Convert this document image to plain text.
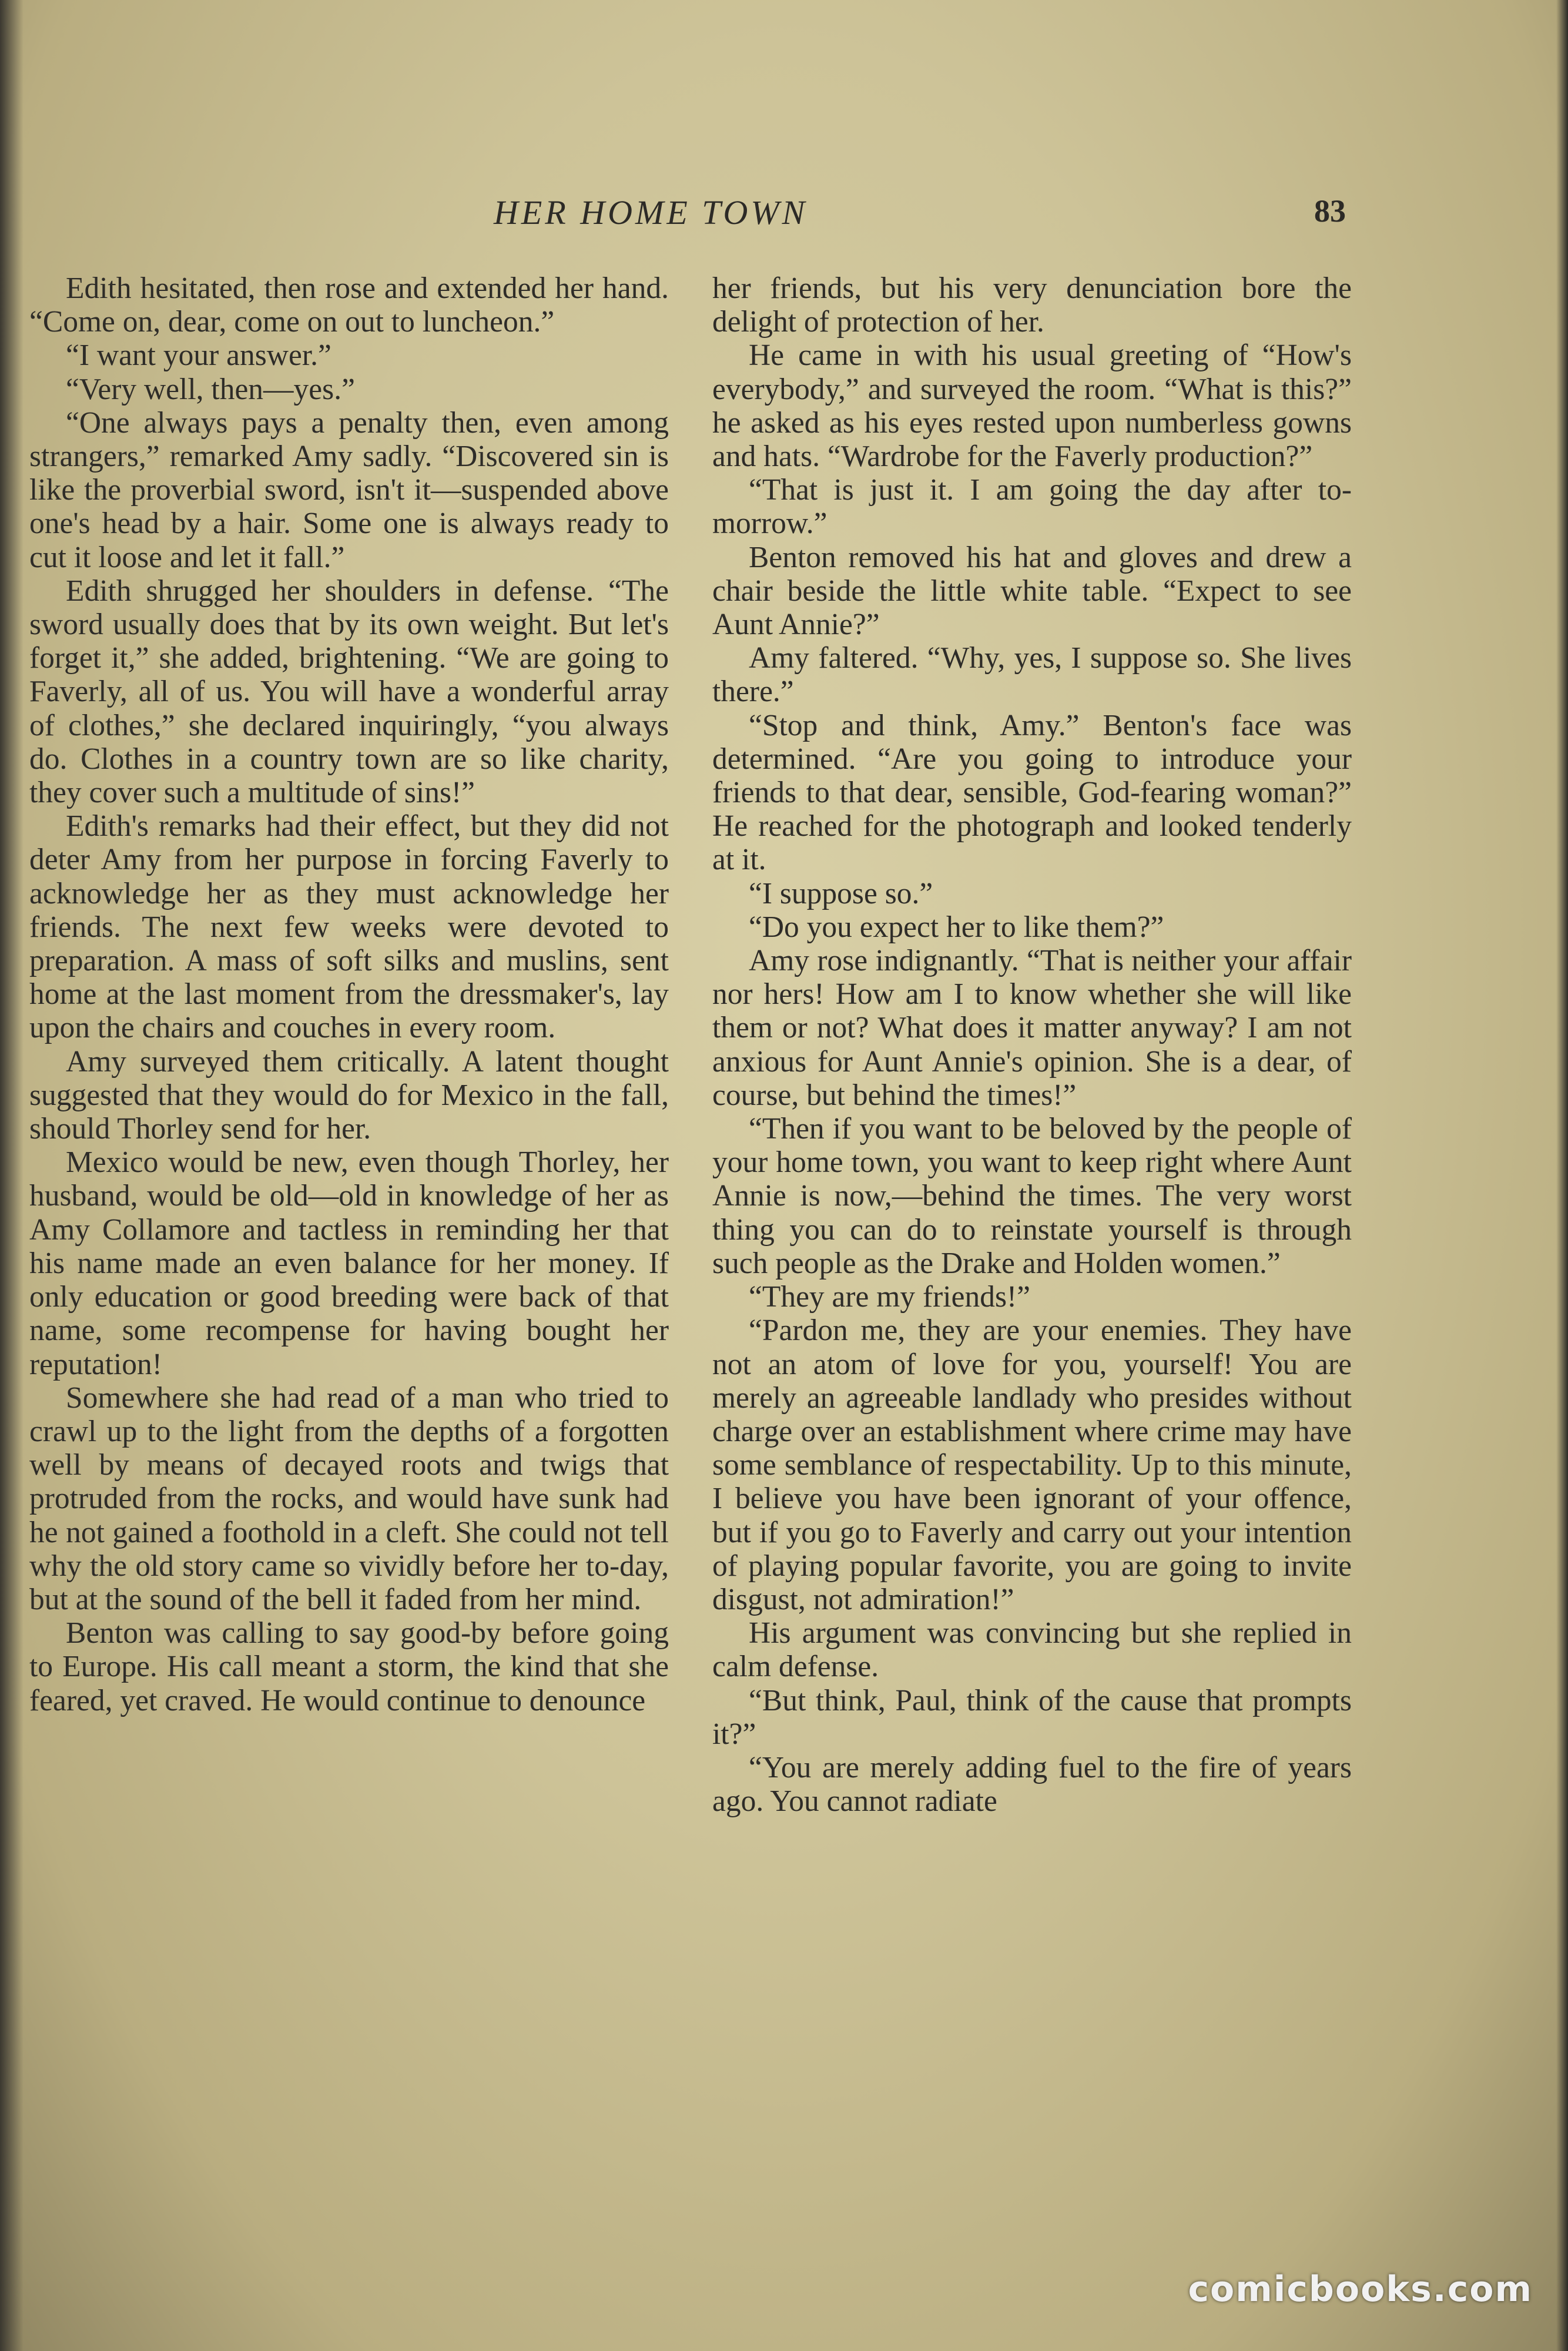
HER HOME TOWN	83

Edith hesitated, then rose and extended her hand. “Come on, dear, come on out to luncheon.”

“I want your answer.”

“Very well, then—yes.”

“One always pays a penalty then, even among strangers,” remarked Amy sadly. “Discovered sin is like the proverbial sword, isn't it—suspended above one's head by a hair. Some one is always ready to cut it loose and let it fall.”

Edith shrugged her shoulders in defense. “The sword usually does that by its own weight. But let's forget it,” she added, brightening. “We are going to Faverly, all of us. You will have a wonderful array of clothes,” she declared inquiringly, “you always do. Clothes in a country town are so like charity, they cover such a multitude of sins!”

Edith's remarks had their effect, but they did not deter Amy from her purpose in forcing Faverly to acknowledge her as they must acknowledge her friends. The next few weeks were devoted to preparation. A mass of soft silks and muslins, sent home at the last moment from the dressmaker's, lay upon the chairs and couches in every room.

Amy surveyed them critically. A latent thought suggested that they would do for Mexico in the fall, should Thorley send for her.

Mexico would be new, even though Thorley, her husband, would be old—old in knowledge of her as Amy Collamore and tactless in reminding her that his name made an even balance for her money. If only education or good breeding were back of that name, some recompense for having bought her reputation!

Somewhere she had read of a man who tried to crawl up to the light from the depths of a forgotten well by means of decayed roots and twigs that protruded from the rocks, and would have sunk had he not gained a foothold in a cleft. She could not tell why the old story came so vividly before her to-day, but at the sound of the bell it faded from her mind.

Benton was calling to say good-by before going to Europe. His call meant a storm, the kind that she feared, yet craved. He would continue to denounce

her friends, but his very denunciation bore the delight of protection of her.

He came in with his usual greeting of “How's everybody,” and surveyed the room. “What is this?” he asked as his eyes rested upon numberless gowns and hats. “Wardrobe for the Faverly production?”

“That is just it. I am going the day after to-morrow.”

Benton removed his hat and gloves and drew a chair beside the little white table. “Expect to see Aunt Annie?”

Amy faltered. “Why, yes, I suppose so. She lives there.”

“Stop and think, Amy.” Benton's face was determined. “Are you going to introduce your friends to that dear, sensible, God-fearing woman?” He reached for the photograph and looked tenderly at it.

“I suppose so.”

“Do you expect her to like them?”

Amy rose indignantly. “That is neither your affair nor hers! How am I to know whether she will like them or not? What does it matter anyway? I am not anxious for Aunt Annie's opinion. She is a dear, of course, but behind the times!”

“Then if you want to be beloved by the people of your home town, you want to keep right where Aunt Annie is now,—behind the times. The very worst thing you can do to reinstate yourself is through such people as the Drake and Holden women.”

“They are my friends!”

“Pardon me, they are your enemies. They have not an atom of love for you, yourself! You are merely an agreeable landlady who presides without charge over an establishment where crime may have some semblance of respectability. Up to this minute, I believe you have been ignorant of your offence, but if you go to Faverly and carry out your intention of playing popular favorite, you are going to invite disgust, not admiration!”

His argument was convincing but she replied in calm defense.

“But think, Paul, think of the cause that prompts it?”

“You are merely adding fuel to the fire of years ago. You cannot radiate

comicbooks.com
